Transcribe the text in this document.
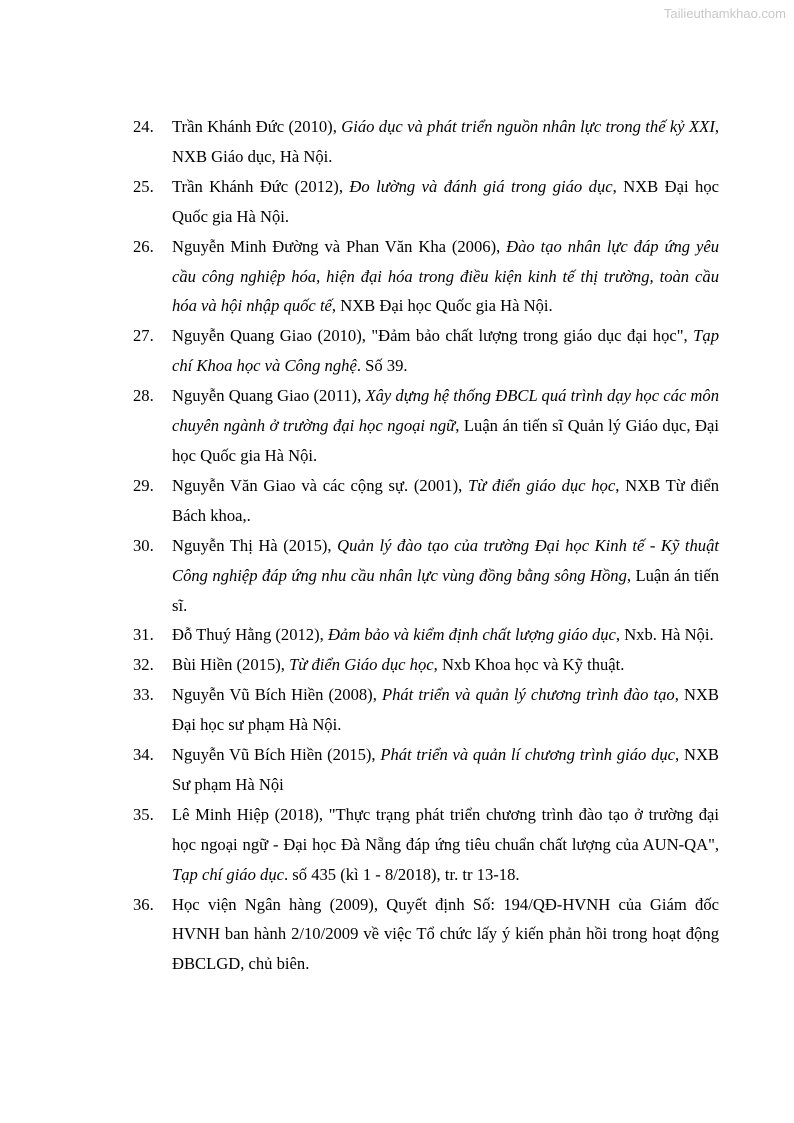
Tailieuthamkhao.com
24.	Trần Khánh Đức (2010), Giáo dục và phát triển nguồn nhân lực trong thế kỷ XXI, NXB Giáo dục, Hà Nội.
25.	Trần Khánh Đức (2012), Đo lường và đánh giá trong giáo dục, NXB Đại học Quốc gia Hà Nội.
26.	Nguyễn Minh Đường và Phan Văn Kha (2006), Đào tạo nhân lực đáp ứng yêu cầu công nghiệp hóa, hiện đại hóa trong điều kiện kinh tế thị trường, toàn cầu hóa và hội nhập quốc tế, NXB Đại học Quốc gia Hà Nội.
27.	Nguyễn Quang Giao (2010), "Đảm bảo chất lượng trong giáo dục đại học", Tạp chí Khoa học và Công nghệ. Số 39.
28.	Nguyễn Quang Giao (2011), Xây dựng hệ thống ĐBCL quá trình dạy học các môn chuyên ngành ở trường đại học ngoại ngữ, Luận án tiến sĩ Quản lý Giáo dục, Đại học Quốc gia Hà Nội.
29.	Nguyễn Văn Giao và các cộng sự. (2001), Từ điển giáo dục học, NXB Từ điển Bách khoa,.
30.	Nguyễn Thị Hà (2015), Quản lý đào tạo của trường Đại học Kinh tế - Kỹ thuật Công nghiệp đáp ứng nhu cầu nhân lực vùng đồng bằng sông Hồng, Luận án tiến sĩ.
31.	Đỗ Thuý Hằng (2012), Đảm bảo và kiểm định chất lượng giáo dục, Nxb. Hà Nội.
32.	Bùi Hiền (2015), Từ điển Giáo dục học, Nxb Khoa học và Kỹ thuật.
33.	Nguyễn Vũ Bích Hiền (2008), Phát triển và quản lý chương trình đào tạo, NXB Đại học sư phạm Hà Nội.
34.	Nguyễn Vũ Bích Hiền (2015), Phát triển và quản lí chương trình giáo dục, NXB Sư phạm Hà Nội
35.	Lê Minh Hiệp (2018), "Thực trạng phát triển chương trình đào tạo ở trường đại học ngoại ngữ - Đại học Đà Nẵng đáp ứng tiêu chuẩn chất lượng của AUN-QA", Tạp chí giáo dục. số 435 (kì 1 - 8/2018), tr. tr 13-18.
36.	Học viện Ngân hàng (2009), Quyết định Số: 194/QĐ-HVNH của Giám đốc HVNH ban hành 2/10/2009 về việc Tổ chức lấy ý kiến phản hồi trong hoạt động ĐBCLGD, chủ biên.
